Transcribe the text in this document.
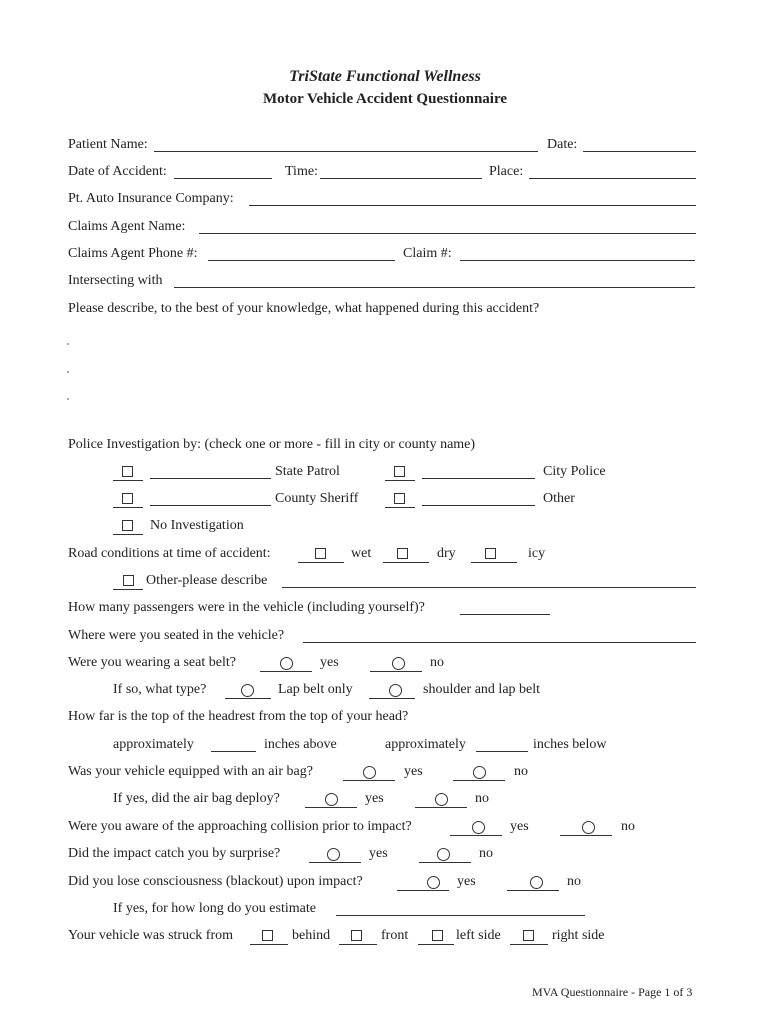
TriState Functional Wellness
Motor Vehicle Accident Questionnaire
Patient Name:	Date:
Date of Accident:	Time:	Place:
Pt. Auto Insurance Company:
Claims Agent Name:
Claims Agent Phone #:	Claim #:
Intersecting with
Please describe, to the best of your knowledge, what happened during this accident?
Police Investigation by: (check one or more - fill in city or county name)
State Patrol	City Police
County Sheriff	Other
No Investigation
Road conditions at time of accident:	wet	dry	icy
Other-please describe
How many passengers were in the vehicle (including yourself)?
Where were you seated in the vehicle?
Were you wearing a seat belt?	yes	no
If so, what type?	Lap belt only	shoulder and lap belt
How far is the top of the headrest from the top of your head?
approximately	inches above	approximately	inches below
Was your vehicle equipped with an air bag?	yes	no
If yes, did the air bag deploy?	yes	no
Were you aware of the approaching collision prior to impact?	yes	no
Did the impact catch you by surprise?	yes	no
Did you lose consciousness (blackout) upon impact?	yes	no
If yes, for how long do you estimate
Your vehicle was struck from	behind	front	left side	right side
MVA Questionnaire - Page 1 of 3
